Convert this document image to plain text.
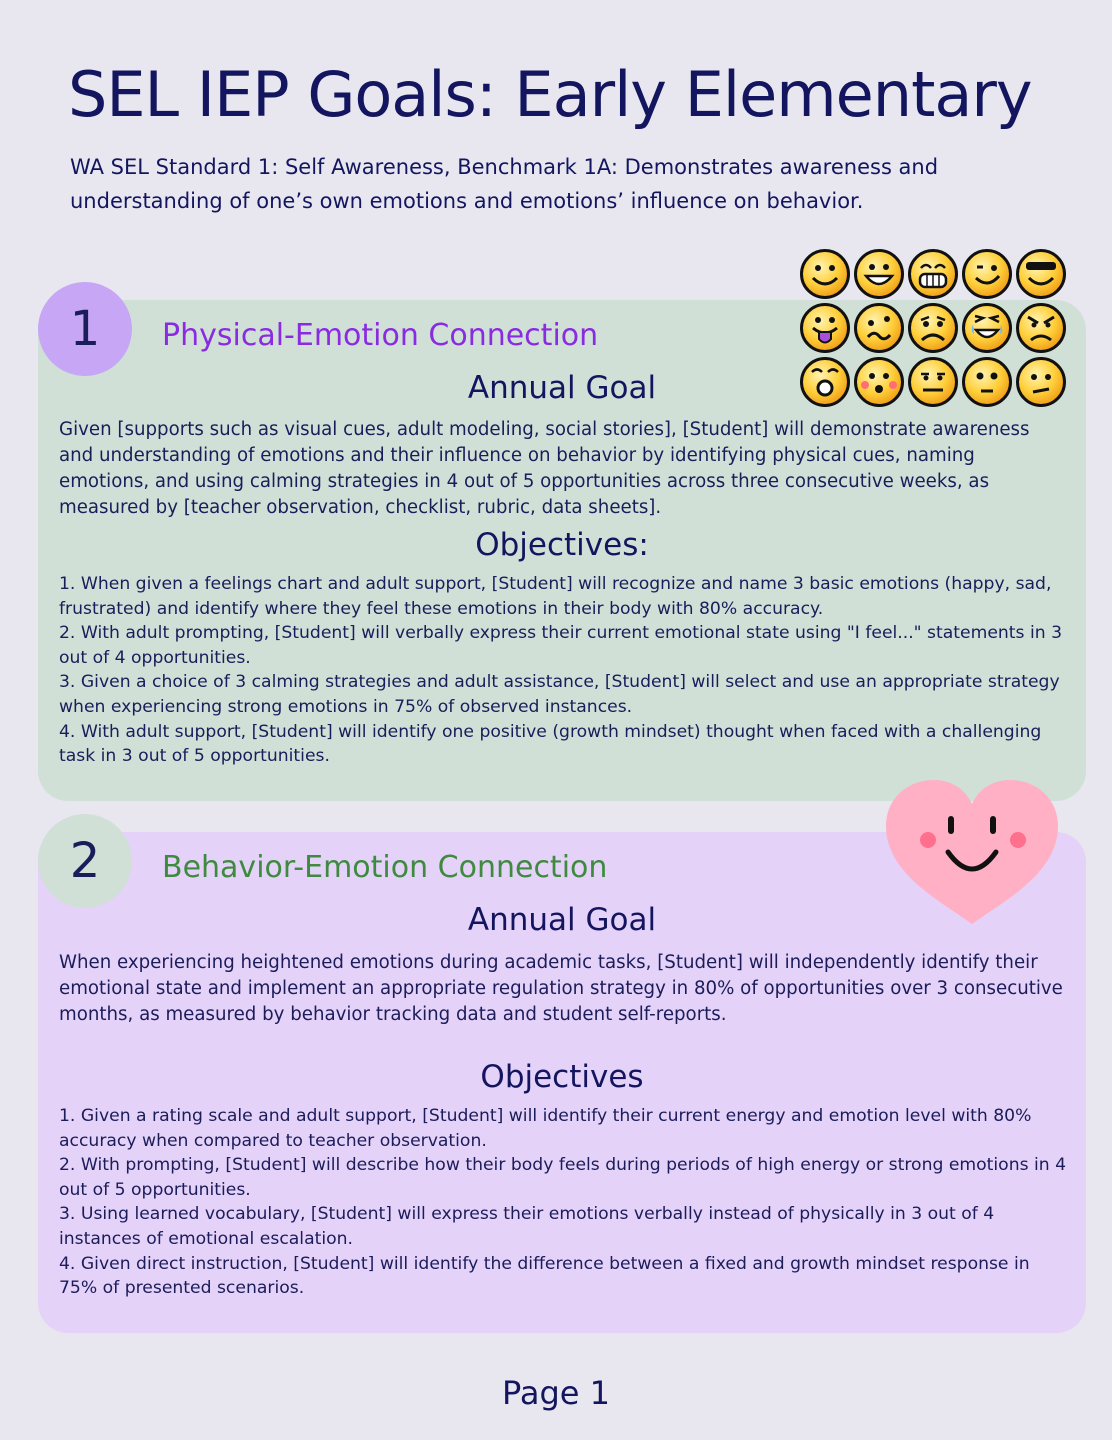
SEL IEP Goals: Early Elementary

WA SEL Standard 1: Self Awareness, Benchmark 1A: Demonstrates awareness and understanding of one’s own emotions and emotions’ influence on behavior.

1	Physical-Emotion Connection
Annual Goal

Given [supports such as visual cues, adult modeling, social stories], [Student] will demonstrate awareness and understanding of emotions and their influence on behavior by identifying physical cues, naming emotions, and using calming strategies in 4 out of 5 opportunities across three consecutive weeks, as measured by [teacher observation, checklist, rubric, data sheets].

Objectives:
1. When given a feelings chart and adult support, [Student] will recognize and name 3 basic emotions (happy, sad, frustrated) and identify where they feel these emotions in their body with 80% accuracy.
2. With adult prompting, [Student] will verbally express their current emotional state using "I feel..." statements in 3 out of 4 opportunities.
3. Given a choice of 3 calming strategies and adult assistance, [Student] will select and use an appropriate strategy when experiencing strong emotions in 75% of observed instances.
4. With adult support, [Student] will identify one positive (growth mindset) thought when faced with a challenging task in 3 out of 5 opportunities.
2	Behavior-Emotion Connection
Annual Goal

When experiencing heightened emotions during academic tasks, [Student] will independently identify their emotional state and implement an appropriate regulation strategy in 80% of opportunities over 3 consecutive months, as measured by behavior tracking data and student self-reports.

Objectives
1. Given a rating scale and adult support, [Student] will identify their current energy and emotion level with 80% accuracy when compared to teacher observation.
2. With prompting, [Student] will describe how their body feels during periods of high energy or strong emotions in 4 out of 5 opportunities.
3. Using learned vocabulary, [Student] will express their emotions verbally instead of physically in 3 out of 4 instances of emotional escalation.
4. Given direct instruction, [Student] will identify the difference between a fixed and growth mindset response in 75% of presented scenarios.
Page 1
